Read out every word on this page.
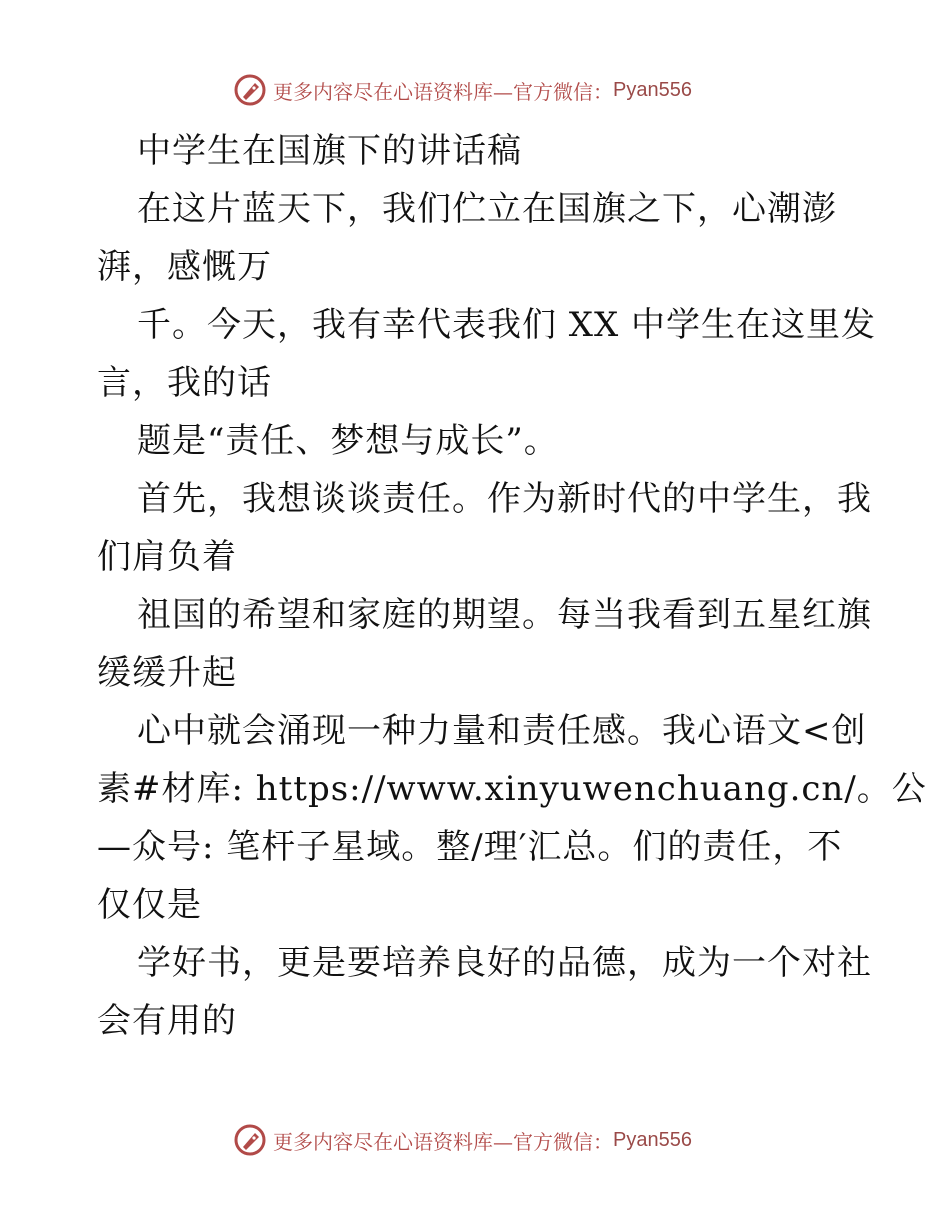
更多内容尽在心语资料库—官方微信： Pyan556
中学生在国旗下的讲话稿
在这片蓝天下，我们伫立在国旗之下，心潮澎
湃，感慨万
千。今天，我有幸代表我们 XX 中学生在这里发
言，我的话
题是“责任、梦想与成长”。
首先，我想谈谈责任。作为新时代的中学生，我
们肩负着
祖国的希望和家庭的期望。每当我看到五星红旗
缓缓升起
心中就会涌现一种力量和责任感。我心语文<创
素#材库: https://www.xinyuwenchuang.cn/。公
—众号: 笔杆子星域。整/理′汇总。们的责任，不
仅仅是
学好书，更是要培养良好的品德，成为一个对社
会有用的
更多内容尽在心语资料库—官方微信： Pyan556
